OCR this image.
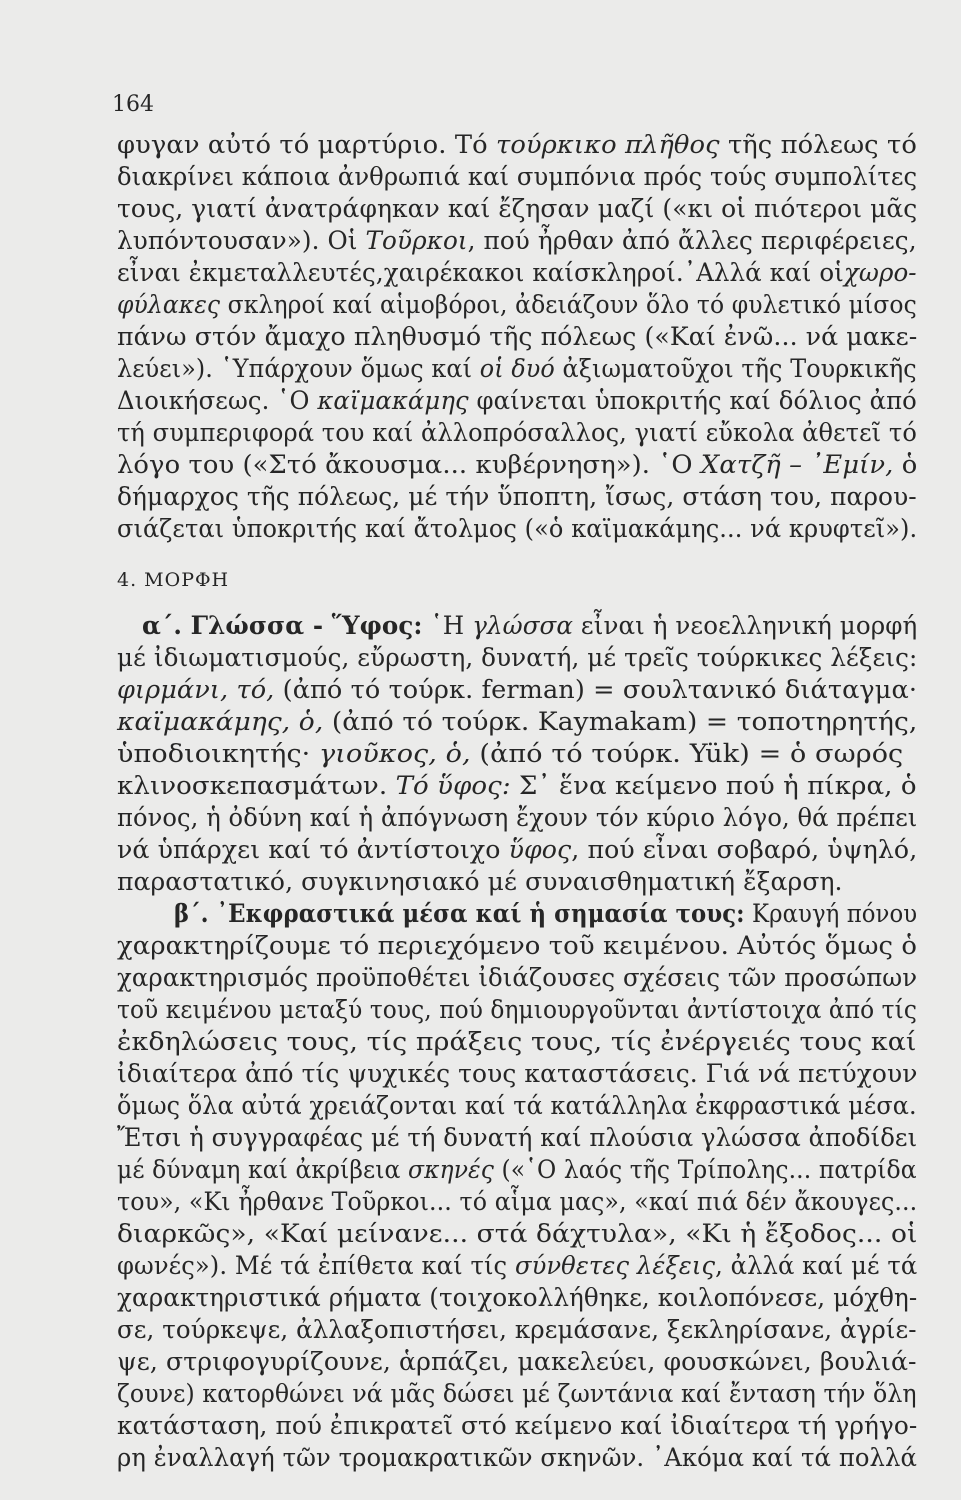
164
4. ΜΟΡΦΗ
φυγαν αὐτό τό μαρτύριο. Τό τούρκικο πλῆθος τῆς πόλεως τό
διακρίνει κάποια ἀνθρωπιά καί συμπόνια πρός τούς συμπολίτες
τους, γιατί ἀνατράφηκαν καί ἔζησαν μαζί («κι οἱ πιότεροι μᾶς
λυπόντουσαν»). Οἱ Τοῦρκοι, πού ἦρθαν ἀπό ἄλλες περιφέρειες,
εἶναι ἐκμεταλλευτές,χαιρέκακοι καίσκληροί.᾿Αλλά καί οἱχωρο-
φύλακες σκληροί καί αἱμοβόροι, ἀδειάζουν ὅλο τό φυλετικό μίσος
πάνω στόν ἄμαχο πληθυσμό τῆς πόλεως («Καί ἐνῶ... νά μακε-
λεύει»). ῾Υπάρχουν ὅμως καί οἱ δυό ἀξιωματοῦχοι τῆς Τουρκικῆς
Διοικήσεως. ῾Ο καϊμακάμης φαίνεται ὑποκριτής καί δόλιος ἀπό
τή συμπεριφορά του καί ἀλλοπρόσαλλος, γιατί εὔκολα ἀθετεῖ τό
λόγο του («Στό ἄκουσμα... κυβέρνηση»). ῾Ο Χατζῆ – ᾿Εμίν, ὁ
δήμαρχος τῆς πόλεως, μέ τήν ὕποπτη, ἴσως, στάση του, παρου-
σιάζεται ὑποκριτής καί ἄτολμος («ὁ καϊμακάμης... νά κρυφτεῖ»).
α΄. Γλώσσα - Ὕφος: ῾Η γλώσσα εἶναι ἡ νεοελληνική μορφή
μέ ἰδιωματισμούς, εὔρωστη, δυνατή, μέ τρεῖς τούρκικες λέξεις:
φιρμάνι, τό, (ἀπό τό τούρκ. ferman) = σουλτανικό διάταγμα·
καϊμακάμης, ὁ, (ἀπό τό τούρκ. Kaymakam) = τοποτηρητής,
ὑποδιοικητής· γιοῦκος, ὁ, (ἀπό τό τούρκ. Yük) = ὁ σωρός
κλινοσκεπασμάτων. Τό ὕφος: Σ᾿ ἕνα κείμενο πού ἡ πίκρα, ὁ
πόνος, ἡ ὀδύνη καί ἡ ἀπόγνωση ἔχουν τόν κύριο λόγο, θά πρέπει
νά ὑπάρχει καί τό ἀντίστοιχο ὕφος, πού εἶναι σοβαρό, ὑψηλό,
παραστατικό, συγκινησιακό μέ συναισθηματική ἔξαρση.
β΄. ᾿Εκφραστικά μέσα καί ἡ σημασία τους: Κραυγή πόνου
χαρακτηρίζουμε τό περιεχόμενο τοῦ κειμένου. Αὐτός ὅμως ὁ
χαρακτηρισμός προϋποθέτει ἰδιάζουσες σχέσεις τῶν προσώπων
τοῦ κειμένου μεταξύ τους, πού δημιουργοῦνται ἀντίστοιχα ἀπό τίς
ἐκδηλώσεις τους, τίς πράξεις τους, τίς ἐνέργειές τους καί
ἰδιαίτερα ἀπό τίς ψυχικές τους καταστάσεις. Γιά νά πετύχουν
ὅμως ὅλα αὐτά χρειάζονται καί τά κατάλληλα ἐκφραστικά μέσα.
Ἔτσι ἡ συγγραφέας μέ τή δυνατή καί πλούσια γλώσσα ἀποδίδει
μέ δύναμη καί ἀκρίβεια σκηνές («῾Ο λαός τῆς Τρίπολης... πατρίδα
του», «Κι ἦρθανε Τοῦρκοι... τό αἷμα μας», «καί πιά δέν ἄκουγες...
διαρκῶς», «Καί μείνανε... στά δάχτυλα», «Κι ἡ ἔξοδος... οἱ
φωνές»). Μέ τά ἐπίθετα καί τίς σύνθετες λέξεις, ἀλλά καί μέ τά
χαρακτηριστικά ρήματα (τοιχοκολλήθηκε, κοιλοπόνεσε, μόχθη-
σε, τούρκεψε, ἀλλαξοπιστήσει, κρεμάσανε, ξεκληρίσανε, ἀγρίε-
ψε, στριφογυρίζουνε, ἁρπάζει, μακελεύει, φουσκώνει, βουλιά-
ζουνε) κατορθώνει νά μᾶς δώσει μέ ζωντάνια καί ἔνταση τήν ὅλη
κατάσταση, πού ἐπικρατεῖ στό κείμενο καί ἰδιαίτερα τή γρήγο-
ρη ἐναλλαγή τῶν τρομακρατικῶν σκηνῶν. ᾿Ακόμα καί τά πολλά
